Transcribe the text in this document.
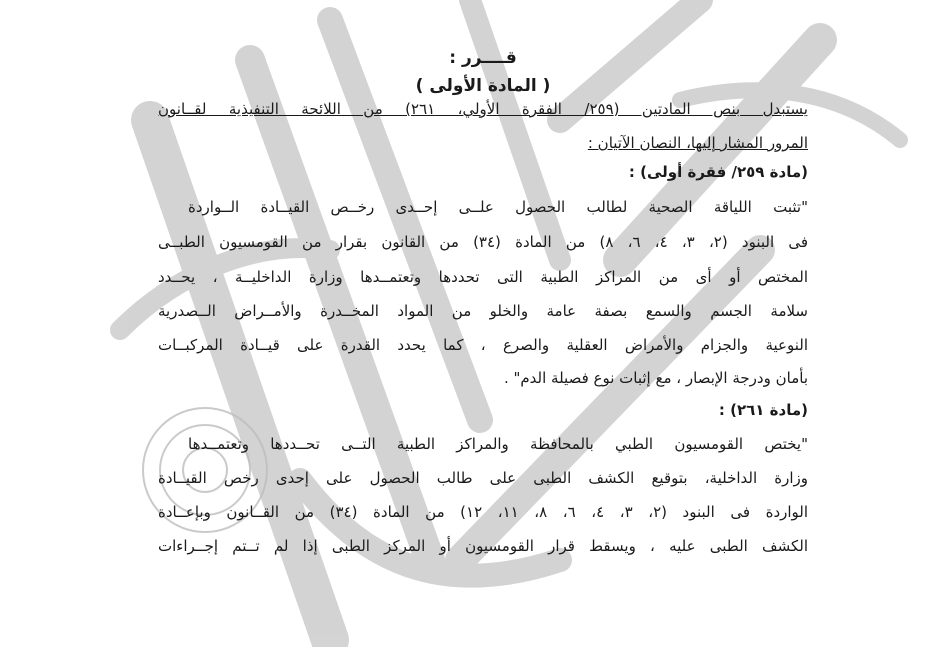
قــــرر :
( المادة الأولى )
يستبدل بنص المادتين (٢٥٩/ الفقرة الأولي، ٢٦١) من اللائحة التنفيذية لقــانون
المرور المشار إليها، النصان الآتيان :
(مادة ٢٥٩/ فقرة أولى) :
"تثبت اللياقة الصحية لطالب الحصول علــى إحــدى رخــص القيــادة الــواردة
فى البنود (٢، ٣، ٤، ٦، ٨) من المادة (٣٤) من القانون بقرار من القومسيون الطبــى
المختص أو أى من المراكز الطبية التى تحددها وتعتمــدها وزارة الداخليــة ، يحــدد
سلامة الجسم والسمع بصفة عامة والخلو من المواد المخــدرة والأمــراض الــصدرية
النوعية والجزام والأمراض العقلية والصرع ، كما يحدد القدرة على قيــادة المركبــات
بأمان ودرجة الإبصار ، مع إثبات نوع فصيلة الدم" .
(مادة ٢٦١) :
"يختص القومسيون الطبي بالمحافظة والمراكز الطبية التــى تحــددها وتعتمــدها
وزارة الداخلية، بتوقيع الكشف الطبى على طالب الحصول على إحدى رخص القيــادة
الواردة فى البنود (٢، ٣، ٤، ٦، ٨، ١١، ١٢) من المادة (٣٤) من القــانون وبإعــادة
الكشف الطبى عليه ، ويسقط قرار القومسيون أو المركز الطبى إذا لم تــتم إجــراءات
